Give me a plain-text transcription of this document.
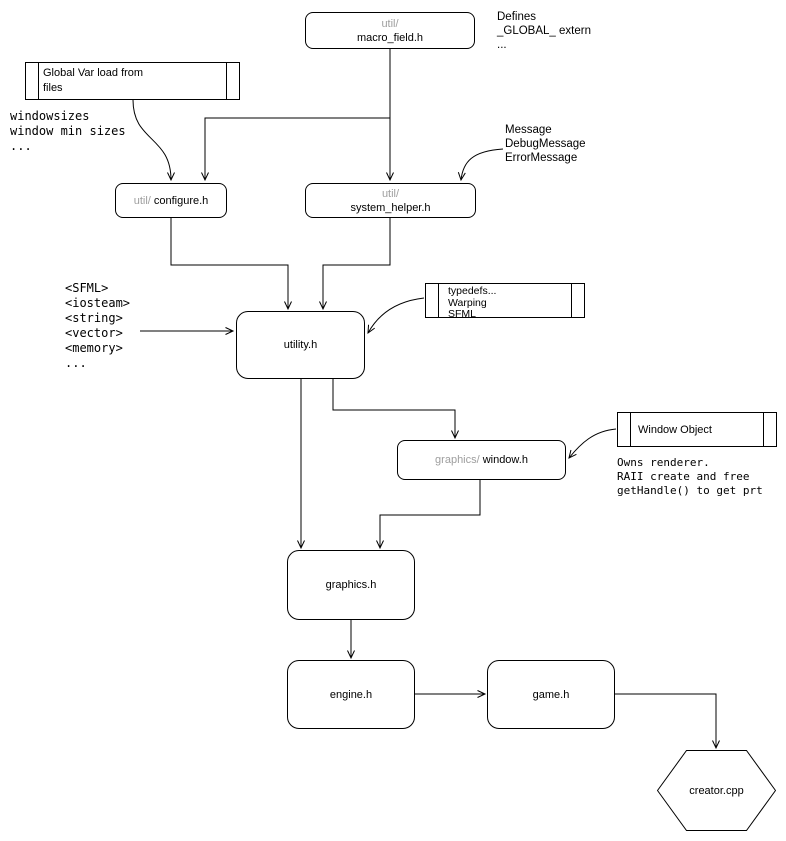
util/
macro_field.h
Defines
_GLOBAL_ extern
...
Global Var load from
files
windowsizes
window min sizes
...
Message
DebugMessage
ErrorMessage
util/ configure.h
util/
system_helper.h
<SFML>
<iosteam>
<string>
<vector>
<memory>
...
typedefs...
Warping
SFML
utility.h
Window Object
graphics/ window.h	Owns renderer.
RAII create and free
getHandle() to get prt
graphics.h
engine.h	game.h
creator.cpp
